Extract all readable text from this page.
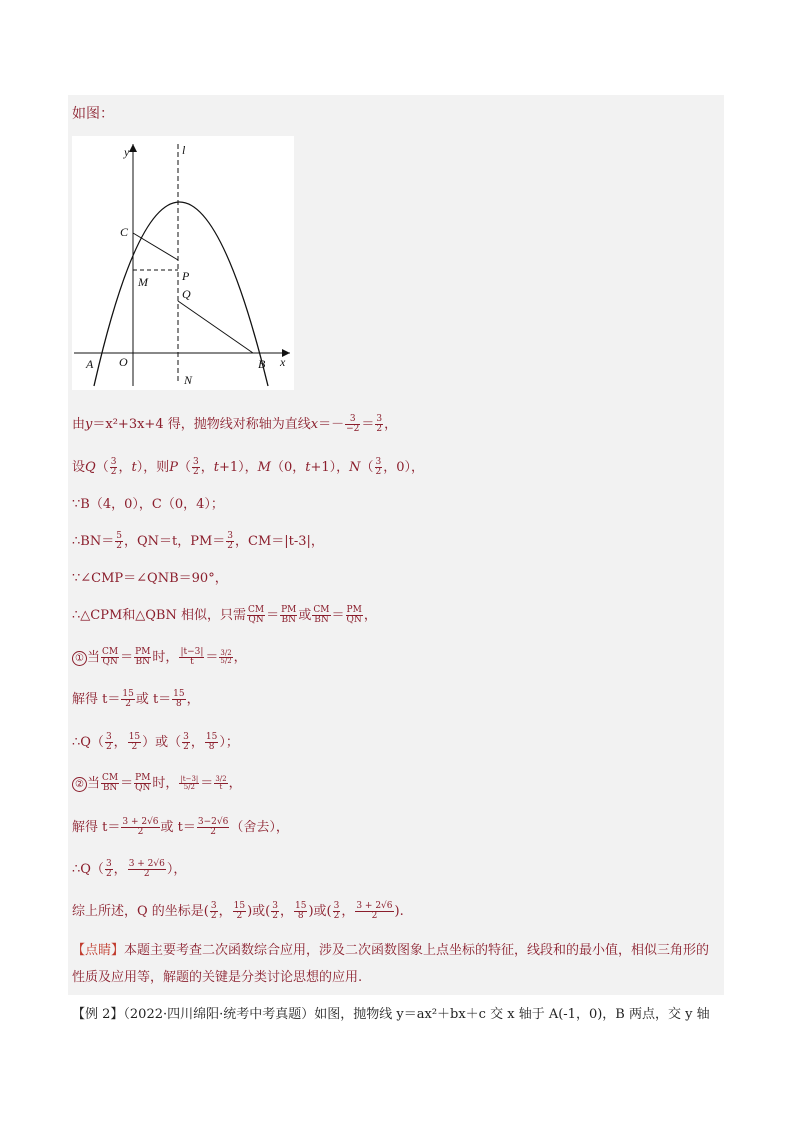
如图：
y	l
C
P
M
Q
A O	B x
N
由y＝x²+3x+4 得，抛物线对称轴为直线$x=- \frac{3}{-2} = \frac{3}{2}$ ，
设$Q( \frac{3}{2}$ ，t），则$P( \frac{3}{2}$ ，t+1），M（0，t+1），$N( \frac{3}{2}$ ，0），
∵B（4，0），C（0，4）；
∴BN＝ $\frac{5}{2}$ ，QN＝t，$PM= \frac{3}{2}$ ，CM＝|t-3|，
∵∠CMP＝∠QNB＝90°，
∴△CPM和△QBN 相似，只需 $\frac{CM}{QN} = \frac{PM}{BN}$ 或 $\frac{CM}{BN} = \frac{PM}{QN}$ ，
① 当 $\frac{CM}{QN} = \frac{PM}{BN}$ 时， $\frac{|t-3|}{t} = \frac{3/2}{5/2}$ ，
解得 $t= \frac{15}{2}$ 或 $t= \frac{15}{8}$ ，
∴Q（ $\frac{3}{2}$ ， $\frac{15}{2}$ ）或（ $\frac{3}{2}$ ， $\frac{15}{8}$ ）；
② 当 $\frac{CM}{BN} = \frac{PM}{QN}$ 时， $\frac{|t-3|}{5/2} = \frac{3/2}{t}$ ，
解得 $t= \frac{3 + 2√6}{2}$ 或 $t= \frac{3-2√6}{2}$ （舍去），
∴Q（ $\frac{3}{2}$ ， $\frac{3 + 2√6}{2}$ ），
综上所述，Q 的坐标是( $\frac{3}{2}$ ， $\frac{15}{2}$ )或( $\frac{3}{2}$ ， $\frac{15}{8}$ )或( $\frac{3}{2}$ ， $\frac{3 + 2√6}{2}$ ).
【点睛】本题主要考查二次函数综合应用，涉及二次函数图象上点坐标的特征，线段和的最小值，相似三角形的性质及应用等，解题的关键是分类讨论思想的应用.
【例 2】（2022·四川绵阳·统考中考真题）如图，抛物线 y＝ax²＋bx＋c 交 x 轴于 A(-1，0)，B 两点，交 y 轴
